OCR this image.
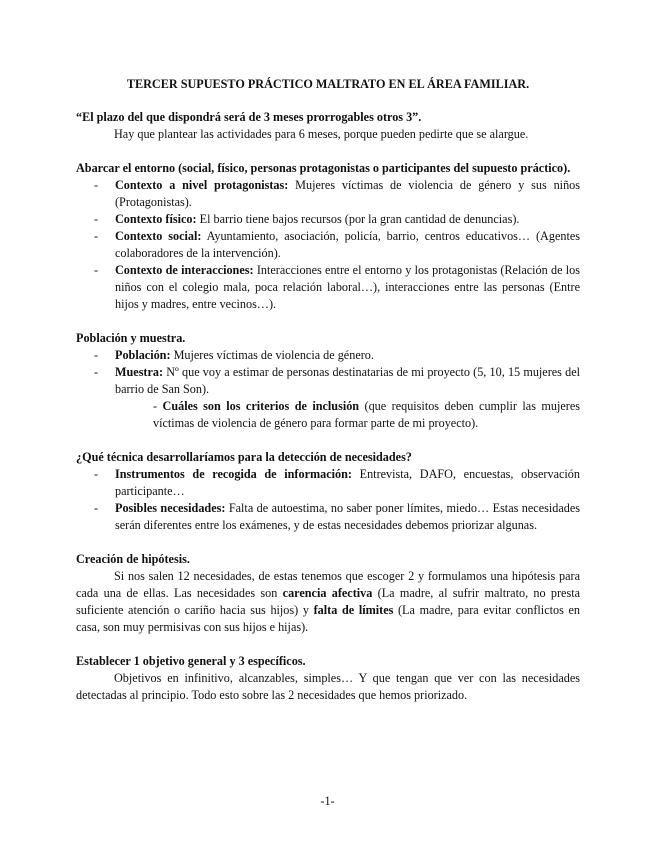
TERCER SUPUESTO PRÁCTICO MALTRATO EN EL ÁREA FAMILIAR.

“El plazo del que dispondrá será de 3 meses prorrogables otros 3”.

Hay que plantear las actividades para 6 meses, porque pueden pedirte que se alargue.

Abarcar el entorno (social, físico, personas protagonistas o participantes del supuesto práctico).

- Contexto a nivel protagonistas: Mujeres víctimas de violencia de género y sus niños (Protagonistas).
- Contexto físico: El barrio tiene bajos recursos (por la gran cantidad de denuncias).
- Contexto social: Ayuntamiento, asociación, policía, barrio, centros educativos… (Agentes colaboradores de la intervención).
- Contexto de interacciones: Interacciones entre el entorno y los protagonistas (Relación de los niños con el colegio mala, poca relación laboral…), interacciones entre las personas (Entre hijos y madres, entre vecinos…).

Población y muestra.

- Población: Mujeres víctimas de violencia de género.
- Muestra: Nº que voy a estimar de personas destinatarias de mi proyecto (5, 10, 15 mujeres del barrio de San Son).

- Cuáles son los criterios de inclusión (que requisitos deben cumplir las mujeres víctimas de violencia de género para formar parte de mi proyecto).

¿Qué técnica desarrollaríamos para la detección de necesidades?

- Instrumentos de recogida de información: Entrevista, DAFO, encuestas, observación participante…
- Posibles necesidades: Falta de autoestima, no saber poner límites, miedo… Estas necesidades serán diferentes entre los exámenes, y de estas necesidades debemos priorizar algunas.

Creación de hipótesis.

Si nos salen 12 necesidades, de estas tenemos que escoger 2 y formulamos una hipótesis para cada una de ellas. Las necesidades son carencia afectiva (La madre, al sufrir maltrato, no presta suficiente atención o cariño hacia sus hijos) y falta de límites (La madre, para evitar conflictos en casa, son muy permisivas con sus hijos e hijas).

Establecer 1 objetivo general y 3 específicos.

Objetivos en infinitivo, alcanzables, simples… Y que tengan que ver con las necesidades detectadas al principio. Todo esto sobre las 2 necesidades que hemos priorizado.

-1-
